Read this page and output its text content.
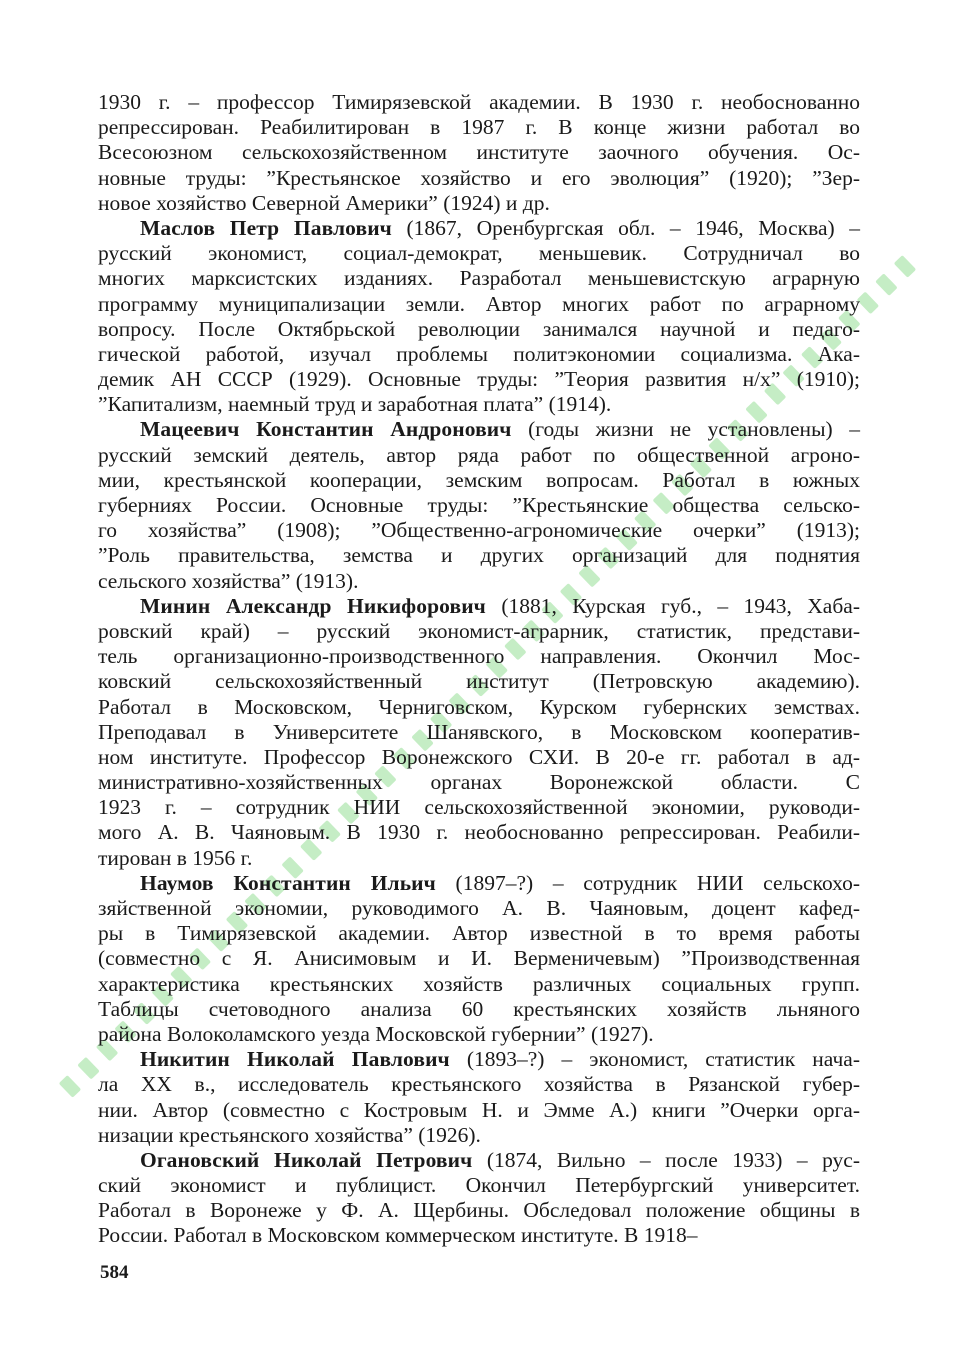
1930 г. – профессор Тимирязевской академии. В 1930 г. необоснованно
репрессирован. Реабилитирован в 1987 г. В конце жизни работал во
Всесоюзном сельскохозяйственном институте заочного обучения. Ос-
новные труды: ”Крестьянское хозяйство и его эволюция” (1920); ”Зер-
новое хозяйство Северной Америки” (1924) и др.
Маслов Петр Павлович (1867, Оренбургская обл. – 1946, Москва) –
русский экономист, социал-демократ, меньшевик. Сотрудничал во
многих марксистских изданиях. Разработал меньшевистскую аграрную
программу муниципализации земли. Автор многих работ по аграрному
вопросу. После Октябрьской революции занимался научной и педаго-
гической работой, изучал проблемы политэкономии социализма. Ака-
демик АН СССР (1929). Основные труды: ”Теория развития н/х” (1910);
”Капитализм, наемный труд и заработная плата” (1914).
Мацеевич Константин Андронович (годы жизни не установлены) –
русский земский деятель, автор ряда работ по общественной агроно-
мии, крестьянской кооперации, земским вопросам. Работал в южных
губерниях России. Основные труды: ”Крестьянские общества сельско-
го хозяйства” (1908); ”Общественно-агрономические очерки” (1913);
”Роль правительства, земства и других организаций для поднятия
сельского хозяйства” (1913).
Минин Александр Никифорович (1881, Курская губ., – 1943, Хаба-
ровский край) – русский экономист-аграрник, статистик, представи-
тель организационно-производственного направления. Окончил Мос-
ковский сельскохозяйственный институт (Петровскую академию).
Работал в Московском, Черниговском, Курском губернских земствах.
Преподавал в Университете Шанявского, в Московском кооператив-
ном институте. Профессор Воронежского СХИ. В 20-е гг. работал в ад-
министративно-хозяйственных органах Воронежской области. С
1923 г. – сотрудник НИИ сельскохозяйственной экономии, руководи-
мого А. В. Чаяновым. В 1930 г. необоснованно репрессирован. Реабили-
тирован в 1956 г.
Наумов Константин Ильич (1897–?) – сотрудник НИИ сельскохо-
зяйственной экономии, руководимого А. В. Чаяновым, доцент кафед-
ры в Тимирязевской академии. Автор известной в то время работы
(совместно с Я. Анисимовым и И. Верменичевым) ”Производственная
характеристика крестьянских хозяйств различных социальных групп.
Таблицы счетоводного анализа 60 крестьянских хозяйств льняного
района Волоколамского уезда Московской губернии” (1927).
Никитин Николай Павлович (1893–?) – экономист, статистик нача-
ла XX в., исследователь крестьянского хозяйства в Рязанской губер-
нии. Автор (совместно с Костровым Н. и Эмме А.) книги ”Очерки орга-
низации крестьянского хозяйства” (1926).
Огановский Николай Петрович (1874, Вильно – после 1933) – рус-
ский экономист и публицист. Окончил Петербургский университет.
Работал в Воронеже у Ф. А. Щербины. Обследовал положение общины в
России. Работал в Московском коммерческом институте. В 1918–
584
